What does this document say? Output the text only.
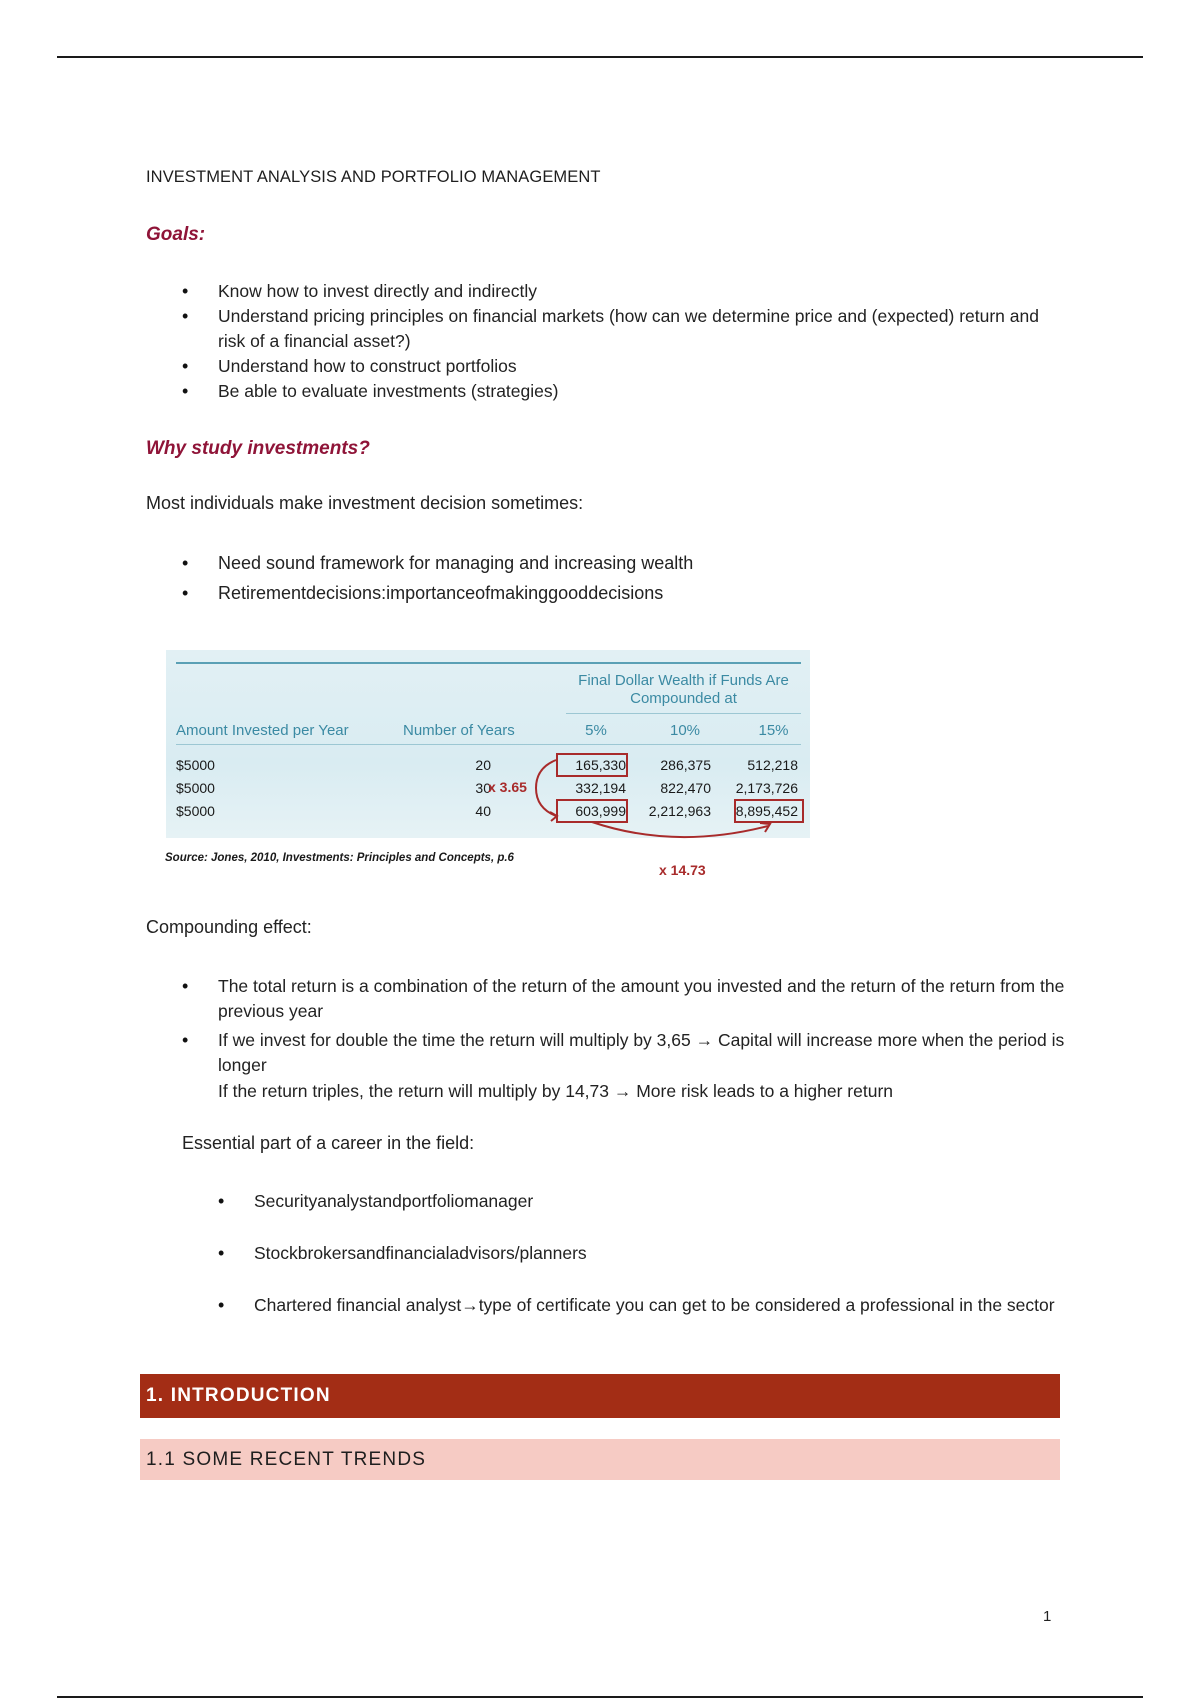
INVESTMENT ANALYSIS AND PORTFOLIO MANAGEMENT
Goals:
• Know how to invest directly and indirectly
• Understand pricing principles on financial markets (how can we determine price and (expected) return and risk of a financial asset?)
• Understand how to construct portfolios
• Be able to evaluate investments (strategies)
Why study investments?
Most individuals make investment decision sometimes:
• Need sound framework for managing and increasing wealth
• Retirementdecisions:importanceofmakinggooddecisions
Final Dollar Wealth if Funds Are
Compounded at
Amount Invested per Year	Number of Years	5%	10%	15%
$5000	20	165,330	286,375	512,218
$5000	30	332,194	822,470	2,173,726
$5000	40	603,999	2,212,963	8,895,452
x 3.65
x 14.73
Source: Jones, 2010, Investments: Principles and Concepts, p.6
Compounding effect:
• The total return is a combination of the return of the amount you invested and the return of the return from the previous year
• If we invest for double the time the return will multiply by 3,65 → Capital will increase more when the period is longer
If the return triples, the return will multiply by 14,73 → More risk leads to a higher return
Essential part of a career in the field:
• Securityanalystandportfoliomanager
• Stockbrokersandfinancialadvisors/planners
• Chartered financial analyst→type of certificate you can get to be considered a professional in the sector
1. INTRODUCTION
1.1 SOME RECENT TRENDS
1
